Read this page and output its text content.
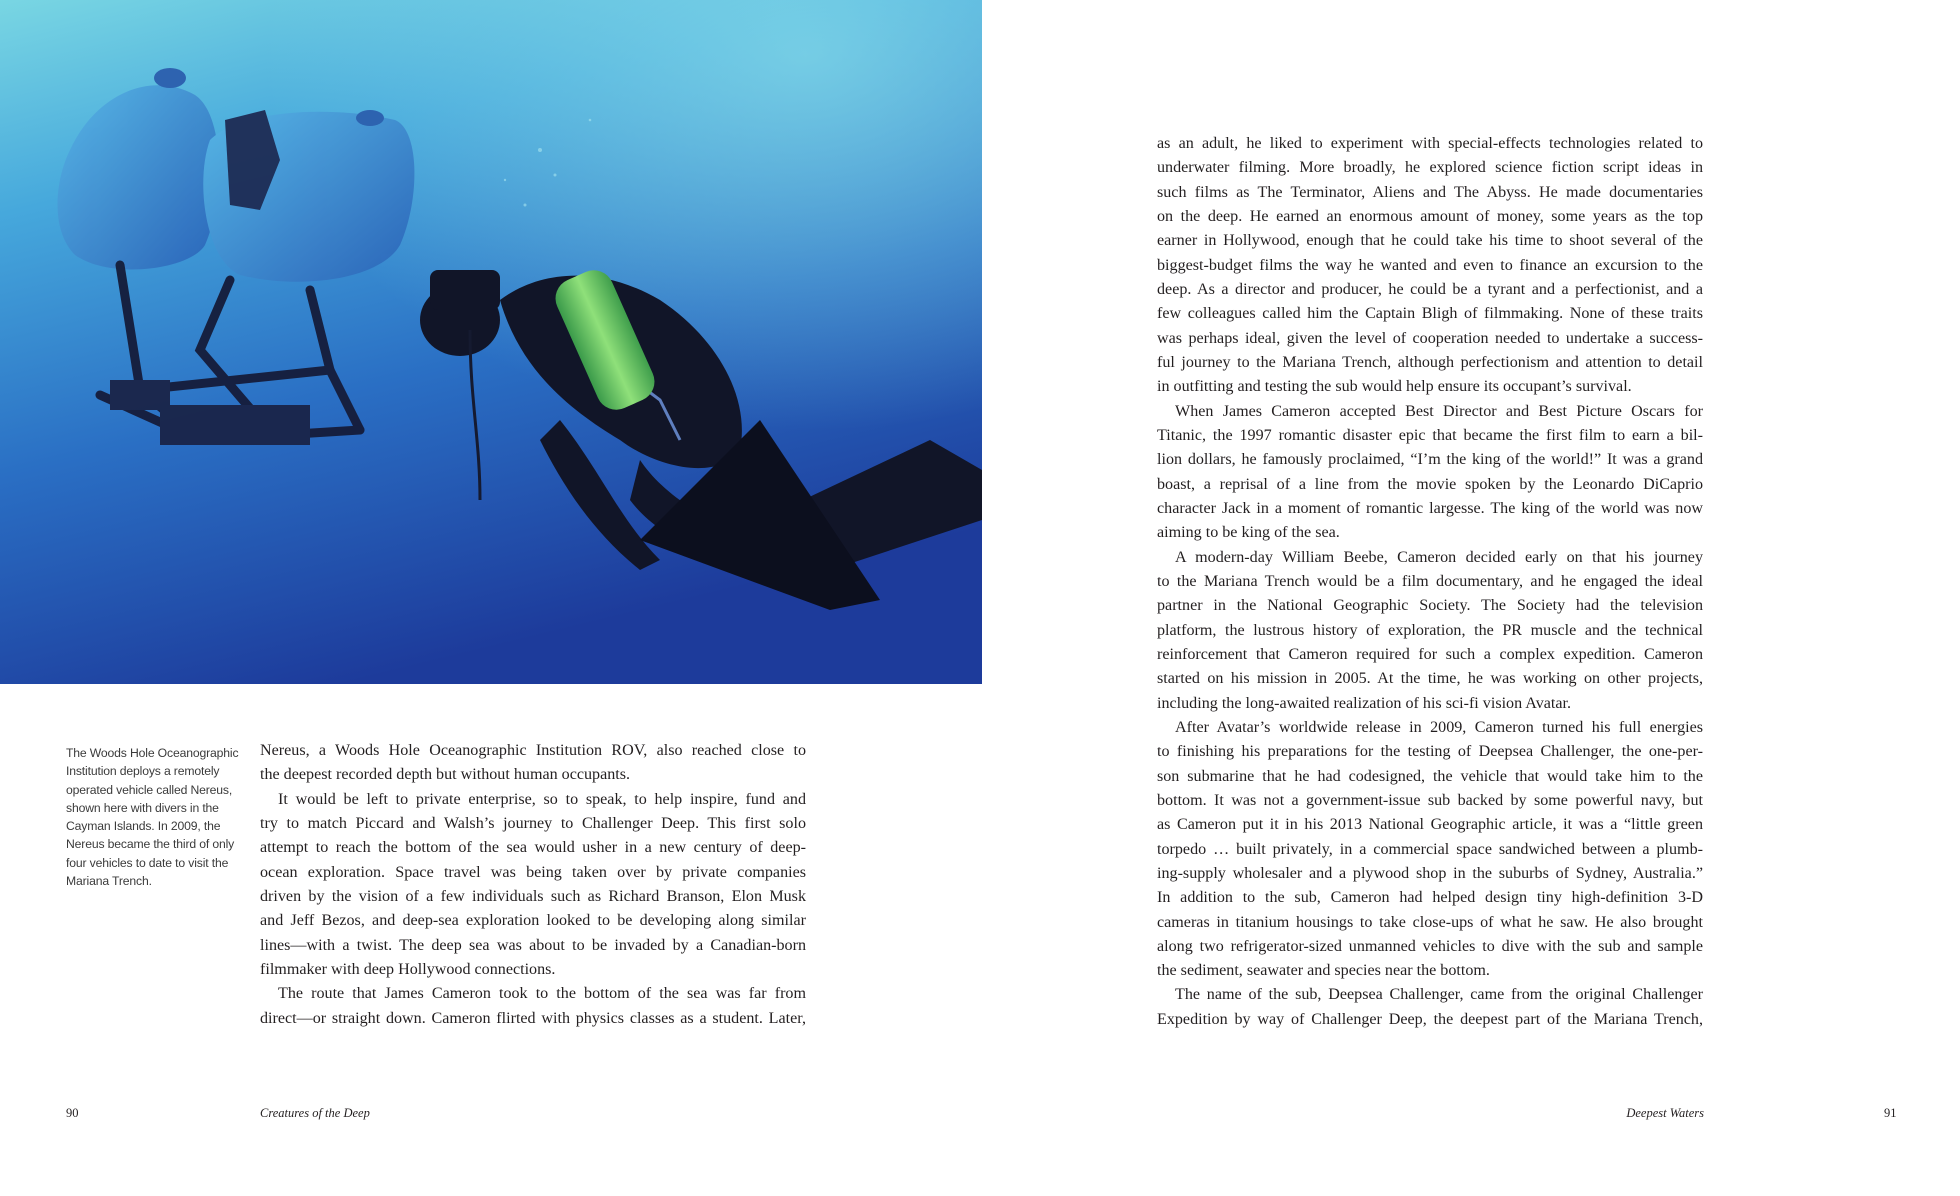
The Woods Hole Oceanographic
Institution deploys a remotely
operated vehicle called Nereus,
shown here with divers in the
Cayman Islands. In 2009, the
Nereus became the third of only
four vehicles to date to visit the
Mariana Trench.
Nereus, a Woods Hole Oceanographic Institution ROV, also reached close to
the deepest recorded depth but without human occupants.
It would be left to private enterprise, so to speak, to help inspire, fund and
try to match Piccard and Walsh’s journey to Challenger Deep. This first solo
attempt to reach the bottom of the sea would usher in a new century of deep-
ocean exploration. Space travel was being taken over by private companies
driven by the vision of a few individuals such as Richard Branson, Elon Musk
and Jeff Bezos, and deep-sea exploration looked to be developing along similar
lines—with a twist. The deep sea was about to be invaded by a Canadian-born
filmmaker with deep Hollywood connections.
The route that James Cameron took to the bottom of the sea was far from
direct—or straight down. Cameron flirted with physics classes as a student. Later,
as an adult, he liked to experiment with special-effects technologies related to
underwater filming. More broadly, he explored science fiction script ideas in
such films as The Terminator, Aliens and The Abyss. He made documentaries
on the deep. He earned an enormous amount of money, some years as the top
earner in Hollywood, enough that he could take his time to shoot several of the
biggest-budget films the way he wanted and even to finance an excursion to the
deep. As a director and producer, he could be a tyrant and a perfectionist, and a
few colleagues called him the Captain Bligh of filmmaking. None of these traits
was perhaps ideal, given the level of cooperation needed to undertake a success-
ful journey to the Mariana Trench, although perfectionism and attention to detail
in outfitting and testing the sub would help ensure its occupant’s survival.
When James Cameron accepted Best Director and Best Picture Oscars for
Titanic, the 1997 romantic disaster epic that became the first film to earn a bil-
lion dollars, he famously proclaimed, “I’m the king of the world!” It was a grand
boast, a reprisal of a line from the movie spoken by the Leonardo DiCaprio
character Jack in a moment of romantic largesse. The king of the world was now
aiming to be king of the sea.
A modern-day William Beebe, Cameron decided early on that his journey
to the Mariana Trench would be a film documentary, and he engaged the ideal
partner in the National Geographic Society. The Society had the television
platform, the lustrous history of exploration, the PR muscle and the technical
reinforcement that Cameron required for such a complex expedition. Cameron
started on his mission in 2005. At the time, he was working on other projects,
including the long-awaited realization of his sci-fi vision Avatar.
After Avatar’s worldwide release in 2009, Cameron turned his full energies
to finishing his preparations for the testing of Deepsea Challenger, the one-per-
son submarine that he had codesigned, the vehicle that would take him to the
bottom. It was not a government-issue sub backed by some powerful navy, but
as Cameron put it in his 2013 National Geographic article, it was a “little green
torpedo … built privately, in a commercial space sandwiched between a plumb-
ing-supply wholesaler and a plywood shop in the suburbs of Sydney, Australia.”
In addition to the sub, Cameron had helped design tiny high-definition 3-D
cameras in titanium housings to take close-ups of what he saw. He also brought
along two refrigerator-sized unmanned vehicles to dive with the sub and sample
the sediment, seawater and species near the bottom.
The name of the sub, Deepsea Challenger, came from the original Challenger
Expedition by way of Challenger Deep, the deepest part of the Mariana Trench,
90	Creatures of the Deep	Deepest Waters	91
